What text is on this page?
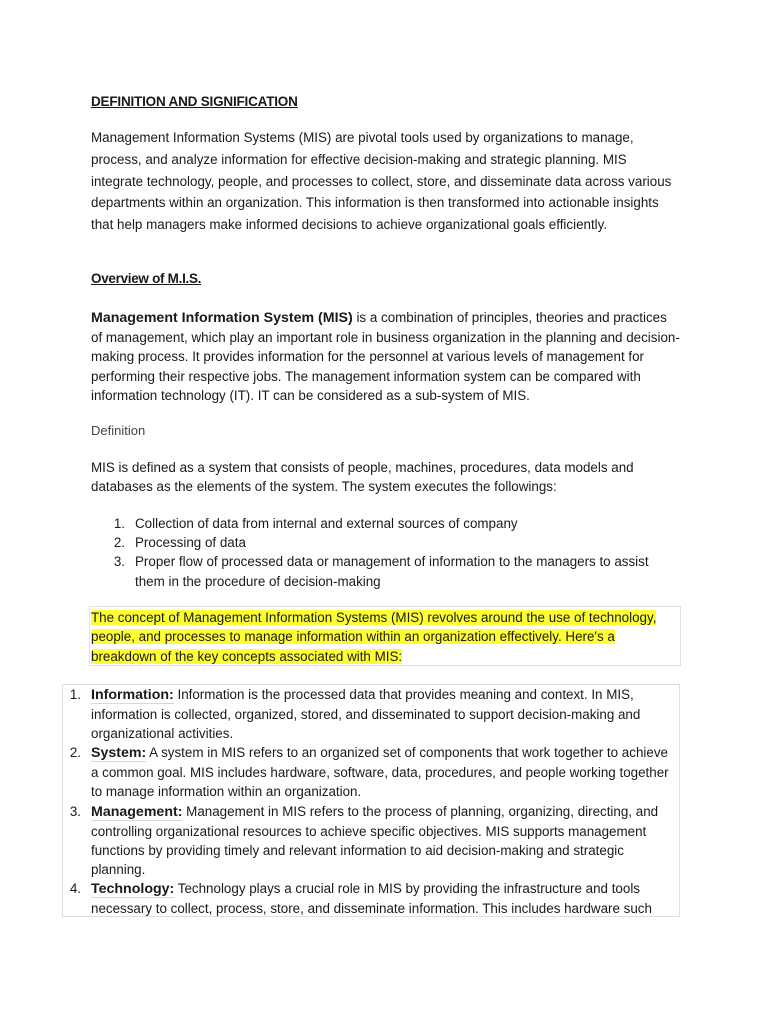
DEFINITION AND SIGNIFICATION
Management Information Systems (MIS) are pivotal tools used by organizations to manage, process, and analyze information for effective decision-making and strategic planning. MIS integrate technology, people, and processes to collect, store, and disseminate data across various departments within an organization. This information is then transformed into actionable insights that help managers make informed decisions to achieve organizational goals efficiently.
Overview of M.I.S.
Management Information System (MIS) is a combination of principles, theories and practices of management, which play an important role in business organization in the planning and decision-making process. It provides information for the personnel at various levels of management for performing their respective jobs. The management information system can be compared with information technology (IT). IT can be considered as a sub-system of MIS.
Definition
MIS is defined as a system that consists of people, machines, procedures, data models and databases as the elements of the system. The system executes the followings:
1. Collection of data from internal and external sources of company
2. Processing of data
3. Proper flow of processed data or management of information to the managers to assist them in the procedure of decision-making
The concept of Management Information Systems (MIS) revolves around the use of technology, people, and processes to manage information within an organization effectively. Here's a breakdown of the key concepts associated with MIS:
1. Information: Information is the processed data that provides meaning and context. In MIS, information is collected, organized, stored, and disseminated to support decision-making and organizational activities.
2. System: A system in MIS refers to an organized set of components that work together to achieve a common goal. MIS includes hardware, software, data, procedures, and people working together to manage information within an organization.
3. Management: Management in MIS refers to the process of planning, organizing, directing, and controlling organizational resources to achieve specific objectives. MIS supports management functions by providing timely and relevant information to aid decision-making and strategic planning.
4. Technology: Technology plays a crucial role in MIS by providing the infrastructure and tools necessary to collect, process, store, and disseminate information. This includes hardware such
